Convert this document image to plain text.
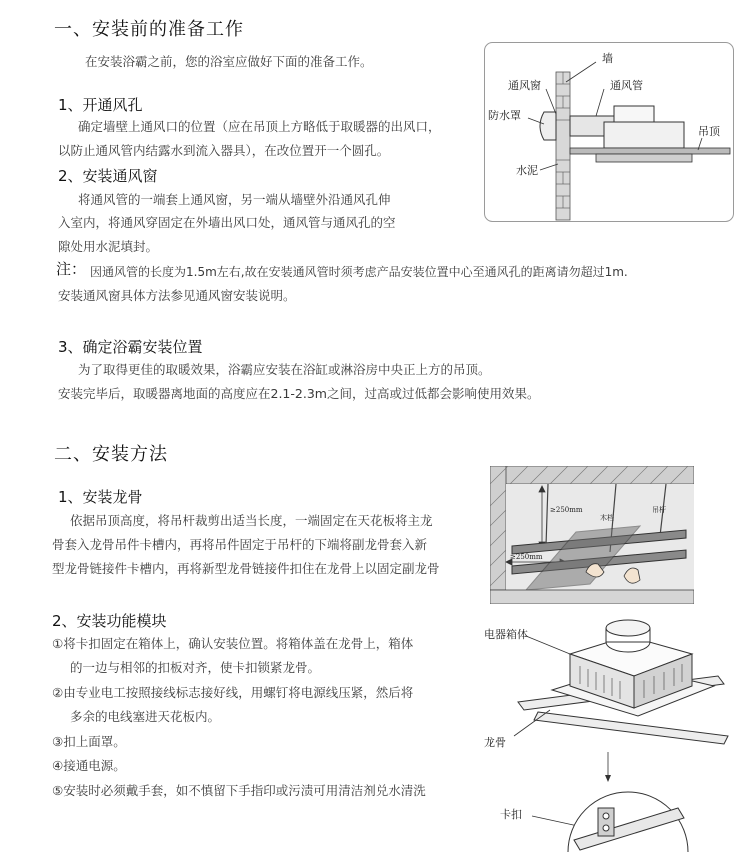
一、安装前的准备工作
在安装浴霸之前，您的浴室应做好下面的准备工作。
1、开通风孔
确定墙壁上通风口的位置（应在吊顶上方略低于取暖器的出风口，
以防止通风管内结露水到流入器具），在改位置开一个圆孔。
2、安装通风窗
将通风管的一端套上通风窗，另一端从墙壁外沿通风孔伸
入室内，将通风穿固定在外墙出风口处，通风管与通风孔的空
隙处用水泥填封。
注： 因通风管的长度为1.5m左右,故在安装通风管时须考虑产品安装位置中心至通风孔的距离请勿超过1m.
安装通风窗具体方法参见通风窗安装说明。
3、确定浴霸安装位置
为了取得更佳的取暖效果，浴霸应安装在浴缸或淋浴房中央正上方的吊顶。
安装完毕后，取暖器离地面的高度应在2.1-2.3m之间，过高或过低都会影响使用效果。
墙
通风窗	通风管
防水罩
吊顶
水泥
二、安装方法
1、安装龙骨
依据吊顶高度，将吊杆裁剪出适当长度，一端固定在天花板将主龙
骨套入龙骨吊件卡槽内，再将吊件固定于吊杆的下端将副龙骨套入新
型龙骨链接件卡槽内，再将新型龙骨链接件扣住在龙骨上以固定副龙骨
≥250mm
≥250mm
木档
吊杆
2、安装功能模块
①将卡扣固定在箱体上，确认安装位置。将箱体盖在龙骨上，箱体
的一边与相邻的扣板对齐，使卡扣锁紧龙骨。
②由专业电工按照接线标志接好线，用螺钉将电源线压紧，然后将
多余的电线塞进天花板内。
③扣上面罩。
④接通电源。
⑤安装时必须戴手套，如不慎留下手指印或污渍可用清洁剂兑水清洗
电器箱体
龙骨
卡扣
